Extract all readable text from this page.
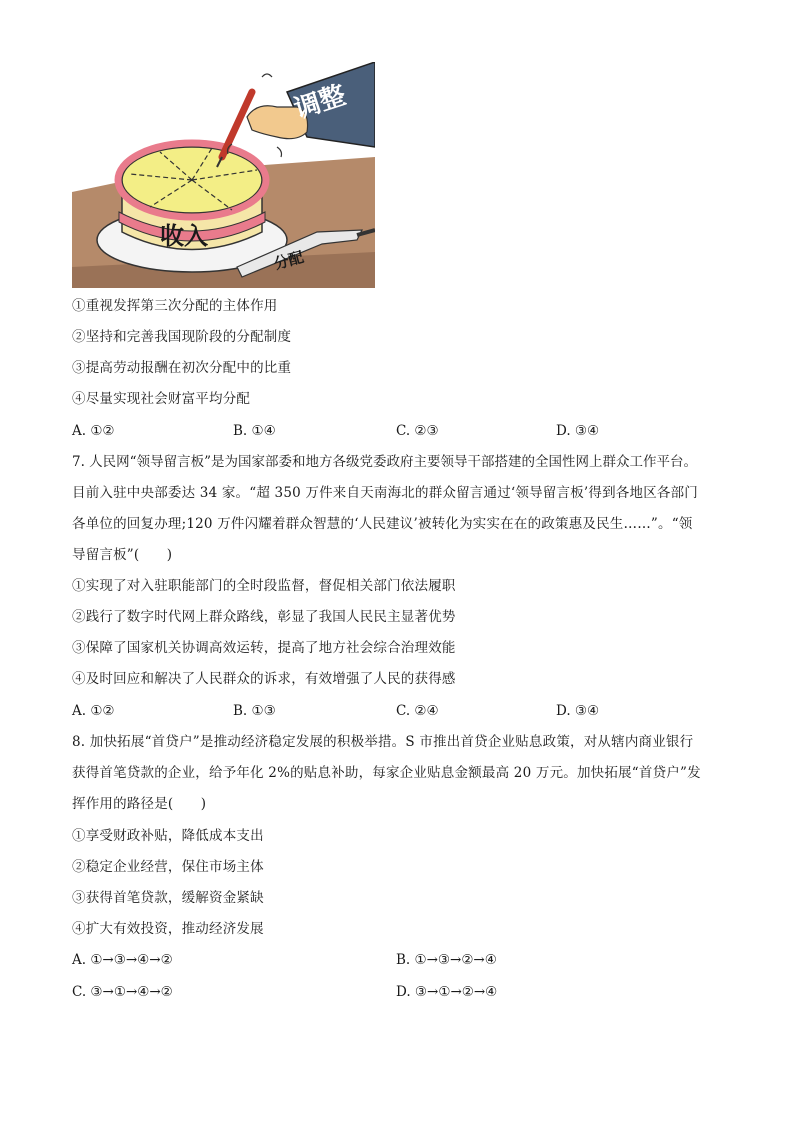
调整
收入
分配
①重视发挥第三次分配的主体作用
②坚持和完善我国现阶段的分配制度
③提高劳动报酬在初次分配中的比重
④尽量实现社会财富平均分配
A. ①②	B. ①④	C. ②③	D. ③④
7. 人民网“领导留言板”是为国家部委和地方各级党委政府主要领导干部搭建的全国性网上群众工作平台。
目前入驻中央部委达 34 家。“超 350 万件来自天南海北的群众留言通过‘领导留言板’得到各地区各部门
各单位的回复办理;120 万件闪耀着群众智慧的‘人民建议’被转化为实实在在的政策惠及民生……”。“领
导留言板”(　　)
①实现了对入驻职能部门的全时段监督，督促相关部门依法履职
②践行了数字时代网上群众路线，彰显了我国人民民主显著优势
③保障了国家机关协调高效运转，提高了地方社会综合治理效能
④及时回应和解决了人民群众的诉求，有效增强了人民的获得感
A. ①②	B. ①③	C. ②④	D. ③④
8. 加快拓展“首贷户”是推动经济稳定发展的积极举措。S 市推出首贷企业贴息政策，对从辖内商业银行
获得首笔贷款的企业，给予年化 2%的贴息补助，每家企业贴息金额最高 20 万元。加快拓展“首贷户”发
挥作用的路径是(　　)
①享受财政补贴，降低成本支出
②稳定企业经营，保住市场主体
③获得首笔贷款，缓解资金紧缺
④扩大有效投资，推动经济发展
A. ①→③→④→②	B. ①→③→②→④
C. ③→①→④→②	D. ③→①→②→④
